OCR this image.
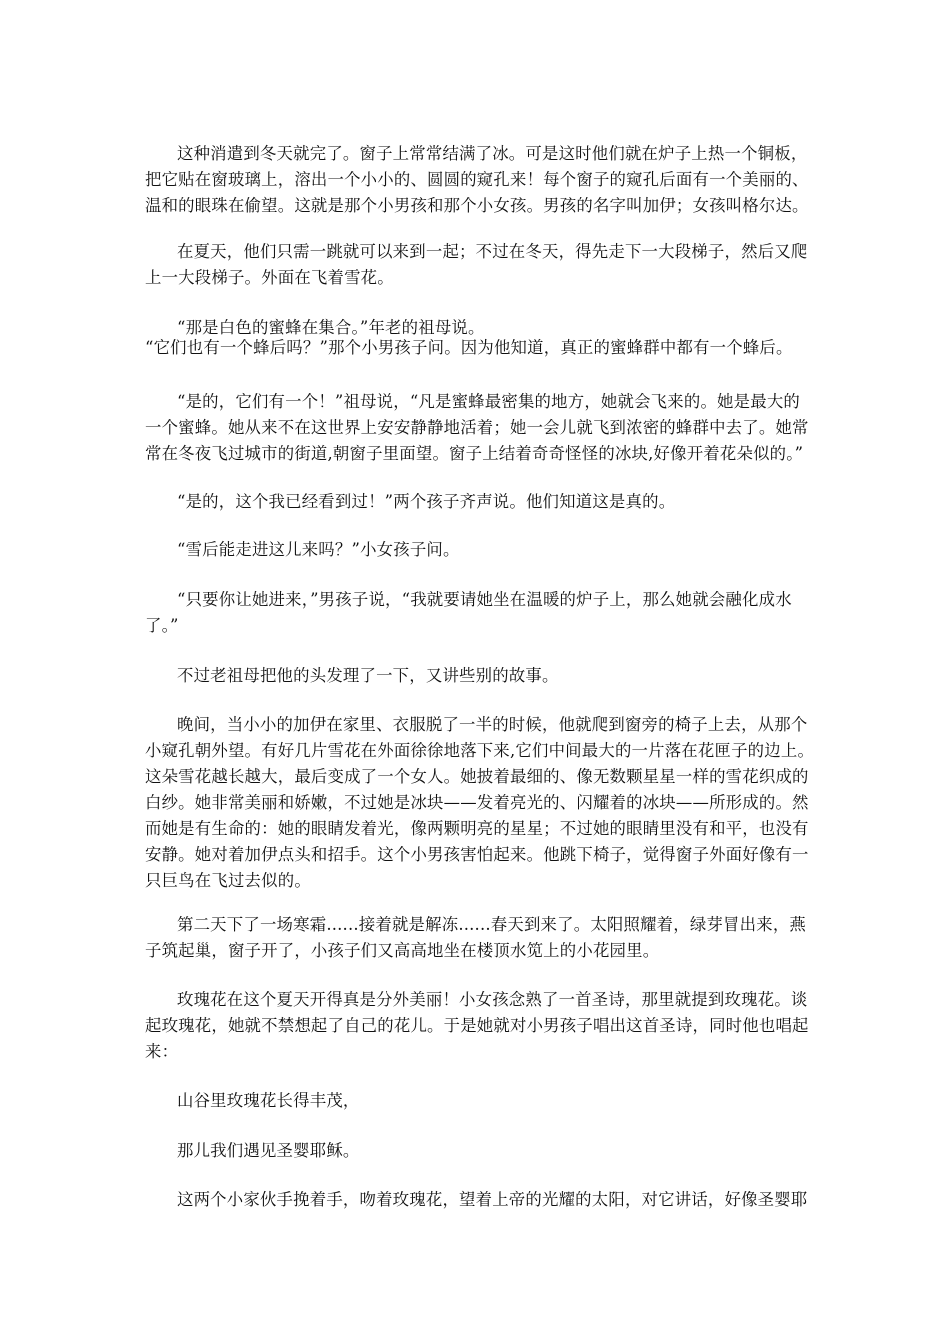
这种消遣到冬天就完了。窗子上常常结满了冰。可是这时他们就在炉子上热一个铜板，
把它贴在窗玻璃上，溶出一个小小的、圆圆的窥孔来！每个窗子的窥孔后面有一个美丽的、
温和的眼珠在偷望。这就是那个小男孩和那个小女孩。男孩的名字叫加伊；女孩叫格尔达。
在夏天，他们只需一跳就可以来到一起；不过在冬天，得先走下一大段梯子，然后又爬
上一大段梯子。外面在飞着雪花。
“那是白色的蜜蜂在集合。”年老的祖母说。
“它们也有一个蜂后吗？”那个小男孩子问。因为他知道，真正的蜜蜂群中都有一个蜂后。
“是的，它们有一个！”祖母说，“凡是蜜蜂最密集的地方，她就会飞来的。她是最大的
一个蜜蜂。她从来不在这世界上安安静静地活着；她一会儿就飞到浓密的蜂群中去了。她常
常在冬夜飞过城市的街道,朝窗子里面望。窗子上结着奇奇怪怪的冰块,好像开着花朵似的。”
“是的，这个我已经看到过！”两个孩子齐声说。他们知道这是真的。
“雪后能走进这儿来吗？”小女孩子问。
“只要你让她进来，”男孩子说，“我就要请她坐在温暖的炉子上，那么她就会融化成水
了。”
不过老祖母把他的头发理了一下，又讲些别的故事。
晚间，当小小的加伊在家里、衣服脱了一半的时候，他就爬到窗旁的椅子上去，从那个
小窥孔朝外望。有好几片雪花在外面徐徐地落下来,它们中间最大的一片落在花匣子的边上。
这朵雪花越长越大，最后变成了一个女人。她披着最细的、像无数颗星星一样的雪花织成的
白纱。她非常美丽和娇嫩，不过她是冰块——发着亮光的、闪耀着的冰块——所形成的。然
而她是有生命的：她的眼睛发着光，像两颗明亮的星星；不过她的眼睛里没有和平，也没有
安静。她对着加伊点头和招手。这个小男孩害怕起来。他跳下椅子，觉得窗子外面好像有一
只巨鸟在飞过去似的。
第二天下了一场寒霜......接着就是解冻......春天到来了。太阳照耀着，绿芽冒出来，燕
子筑起巢，窗子开了，小孩子们又高高地坐在楼顶水笕上的小花园里。
玫瑰花在这个夏天开得真是分外美丽！小女孩念熟了一首圣诗，那里就提到玫瑰花。谈
起玫瑰花，她就不禁想起了自己的花儿。于是她就对小男孩子唱出这首圣诗，同时他也唱起
来：
山谷里玫瑰花长得丰茂，
那儿我们遇见圣婴耶稣。
这两个小家伙手挽着手，吻着玫瑰花，望着上帝的光耀的太阳，对它讲话，好像圣婴耶
